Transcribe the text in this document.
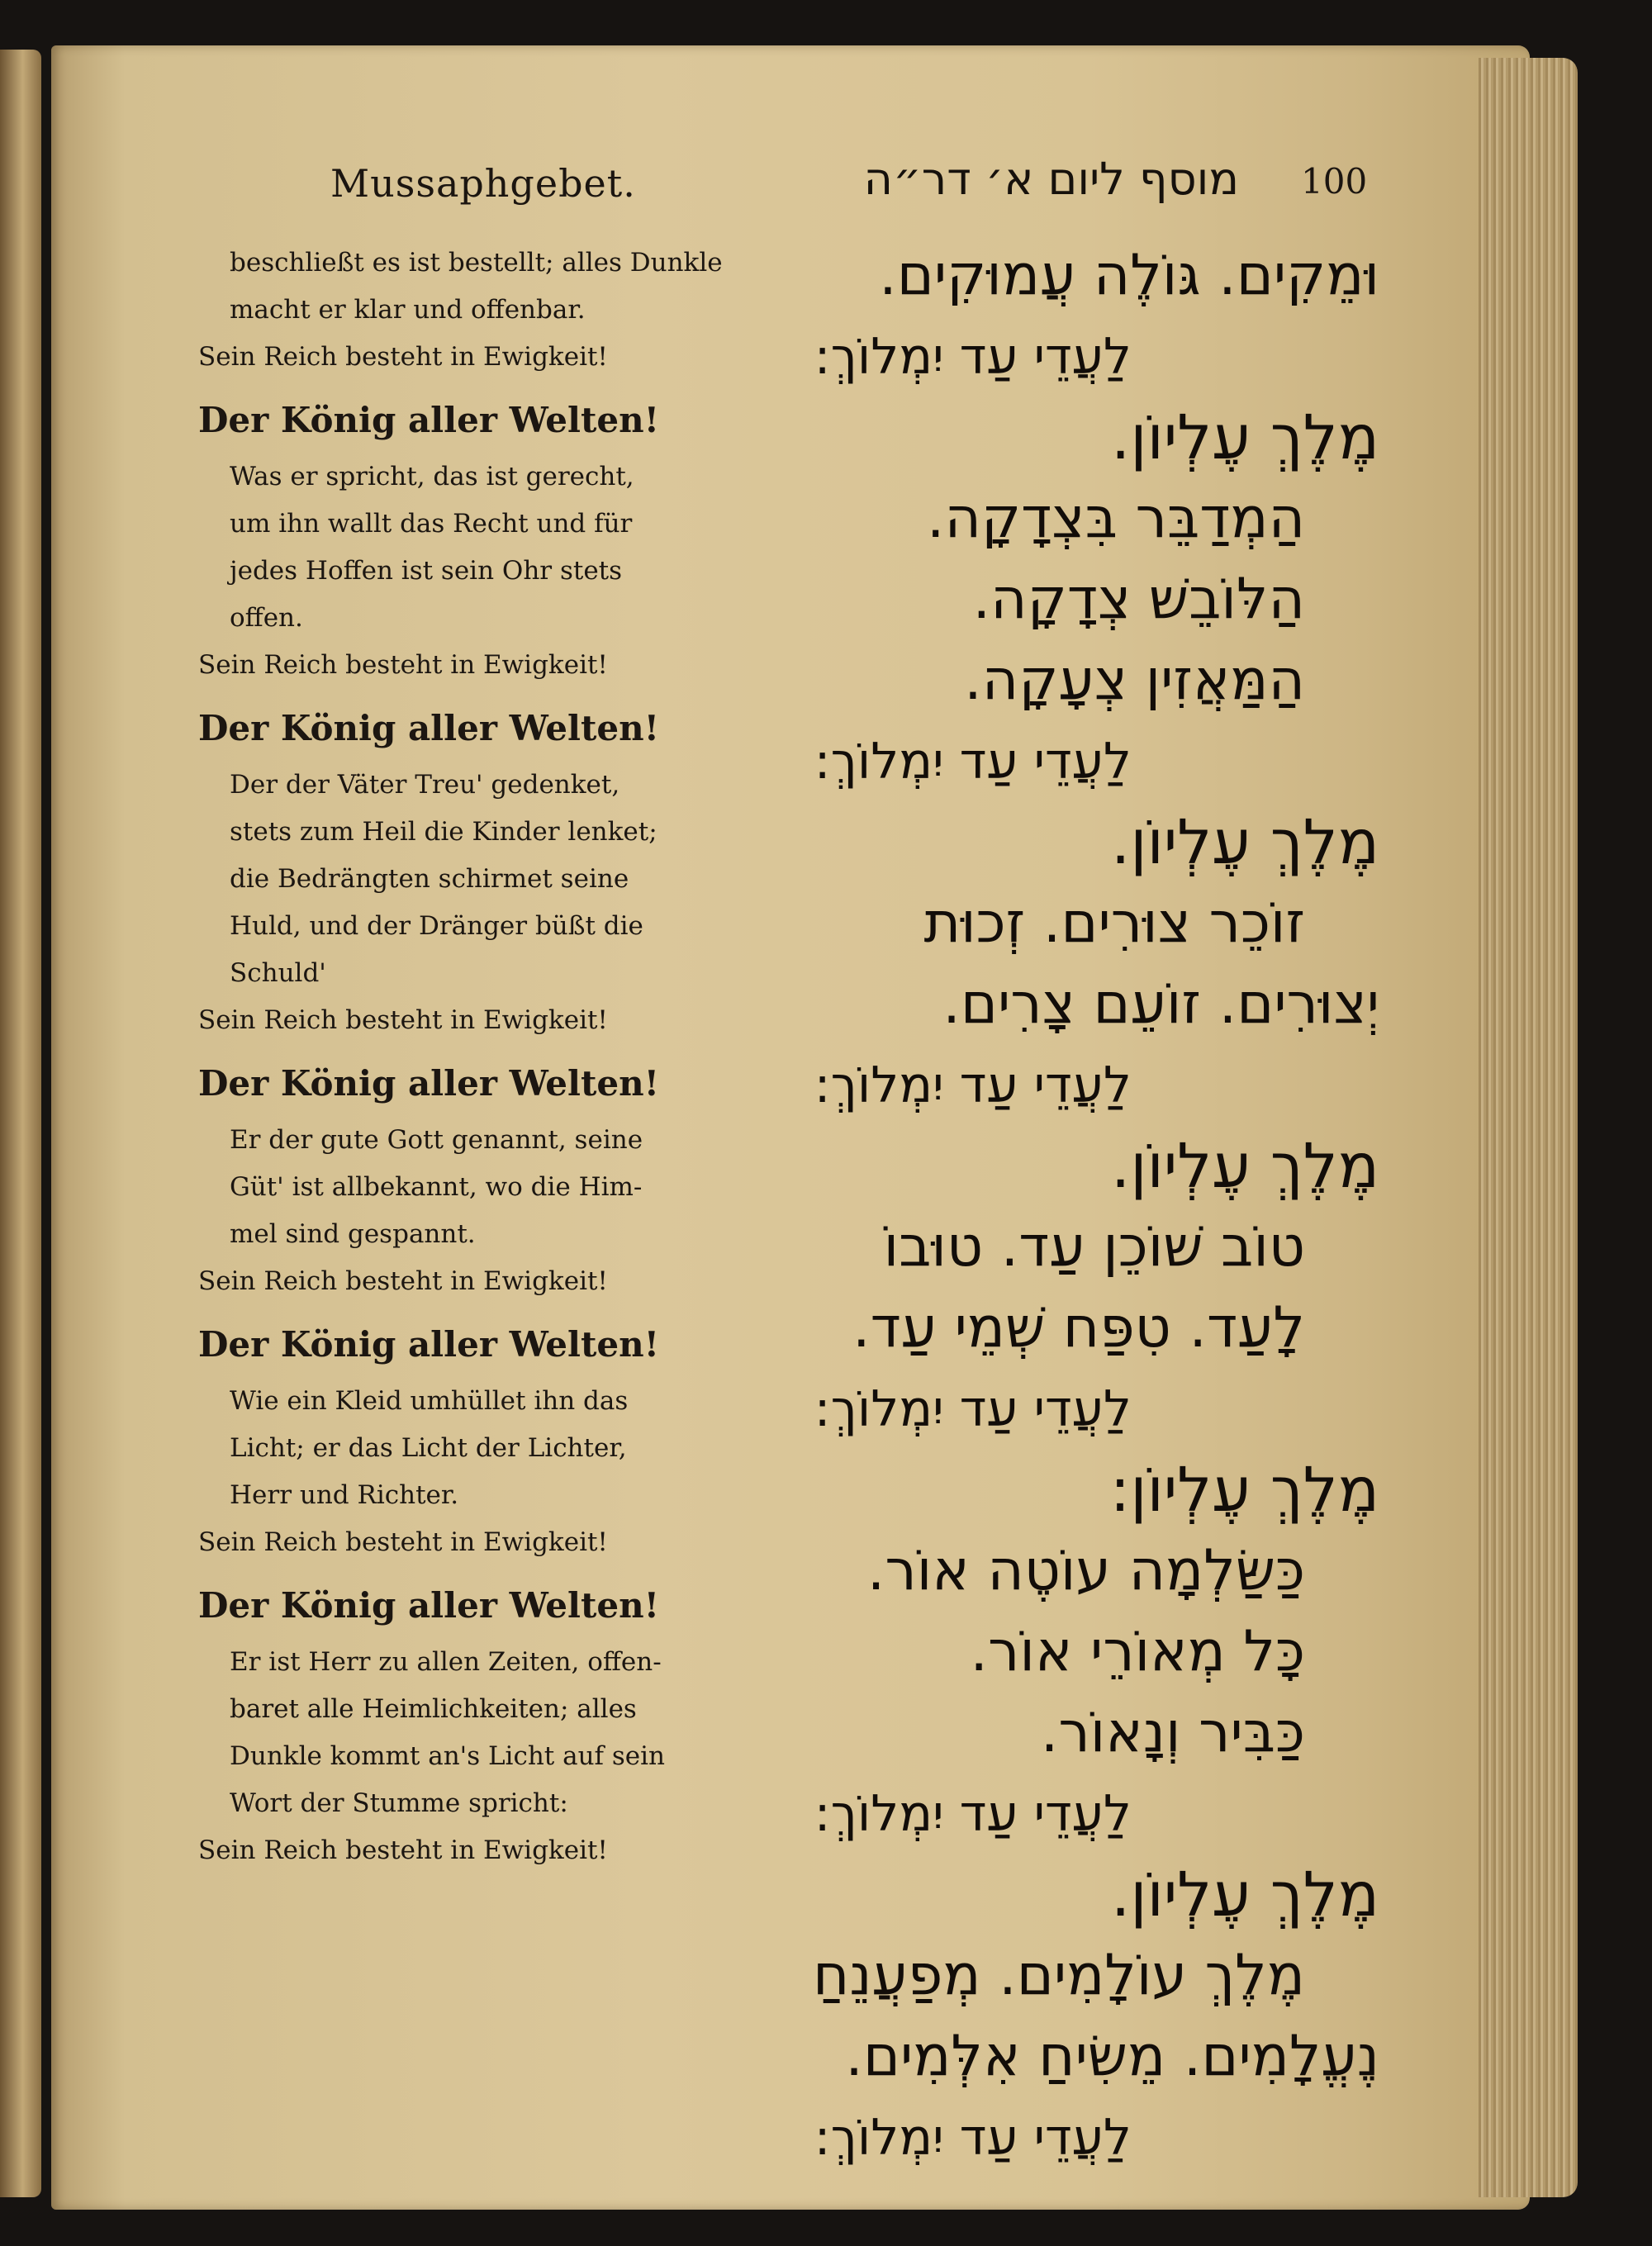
Mussaphgebet.	מוסף ליום א׳ דר״ה 100
beschließt es ist bestellt; alles Dunkle
macht er klar und offenbar.
Sein Reich besteht in Ewigkeit!
Der König aller Welten!
Was er spricht, das ist gerecht,
um ihn wallt das Recht und für
jedes Hoffen ist sein Ohr stets
offen.
Sein Reich besteht in Ewigkeit!
Der König aller Welten!
Der der Väter Treu' gedenket,
stets zum Heil die Kinder lenket;
die Bedrängten schirmet seine
Huld, und der Dränger büßt die
Schuld'
Sein Reich besteht in Ewigkeit!
Der König aller Welten!
Er der gute Gott genannt, seine
Güt' ist allbekannt, wo die Him-
mel sind gespannt.
Sein Reich besteht in Ewigkeit!
Der König aller Welten!
Wie ein Kleid umhüllet ihn das
Licht; er das Licht der Lichter,
Herr und Richter.
Sein Reich besteht in Ewigkeit!
Der König aller Welten!
Er ist Herr zu allen Zeiten, offen-
baret alle Heimlichkeiten; alles
Dunkle kommt an's Licht auf sein
Wort der Stumme spricht:
Sein Reich besteht in Ewigkeit!
וּמֵקִים. גּוֹלֶה עֲמוּקִים.
לַעֲדֵי עַד יִמְלוֹךְ:
מֶלֶךְ עֶלְיוֹן.
הַמְדַבֵּר בִּצְדָקָה.
הַלּוֹבֵשׁ צְדָקָה.
הַמַּאֲזִין צְעָקָה.
לַעֲדֵי עַד יִמְלוֹךְ:
מֶלֶךְ עֶלְיוֹן.
זוֹכֵר צוּרִים. זְכוּת
יְצוּרִים. זוֹעֵם צָרִים.
לַעֲדֵי עַד יִמְלוֹךְ:
מֶלֶךְ עֶלְיוֹן.
טוֹב שׁוֹכֵן עַד. טוּבוֹ
לָעַד. טִפַּח שְׁמֵי עַד.
לַעֲדֵי עַד יִמְלוֹךְ:
מֶלֶךְ עֶלְיוֹן:
כַּשַּׂלְמָה עוֹטֶה אוֹר.
כָּל מְאוֹרֵי אוֹר.
כַּבִּיר וְנָאוֹר.
לַעֲדֵי עַד יִמְלוֹךְ:
מֶלֶךְ עֶלְיוֹן.
מֶלֶךְ עוֹלָמִים. מְפַעֲנֵחַ
נֶעֱלָמִים. מֵשִׂיחַ אִלְּמִים.
לַעֲדֵי עַד יִמְלוֹךְ:
